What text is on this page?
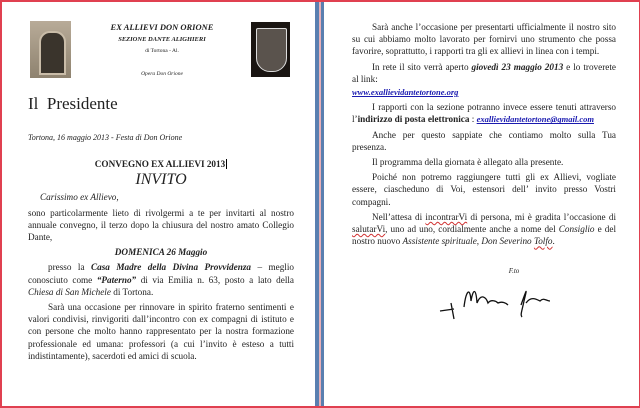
EX ALLIEVI DON ORIONE
SEZIONE DANTE ALIGHIERI
di Tortona - Al.
Opera Don Orione
Il  Presidente
Tortona, 16 maggio 2013 - Festa di Don Orione
CONVEGNO EX ALLIEVI 2013
INVITO
Carissimo ex Allievo,
sono particolarmente lieto di rivolgermi a te per invitarti al nostro annuale convegno, il terzo dopo la chiusura del nostro amato Collegio Dante,
DOMENICA 26 Maggio
presso la Casa Madre della Divina Provvidenza – meglio conosciuto come “Paterno” di via Emilia n. 63, posto a lato della Chiesa di San Michele di Tortona.
Sarà una occasione per rinnovare in spirito fraterno sentimenti e valori condivisi, rinvigoriti dall’incontro con ex compagni di istituto e con persone che molto hanno rappresentato per la nostra formazione professionale ed umana: professori (a cui l’invito è esteso a tutti indistintamente), sacerdoti ed amici di scuola.
Sarà anche l’occasione per presentarti ufficialmente il nostro sito su cui abbiamo molto lavorato per fornirvi uno strumento che possa favorire, soprattutto, i rapporti tra gli ex allievi in linea con i tempi.
In rete il sito verrà aperto giovedì 23 maggio 2013 e lo troverete al link:
www.exallievidantetortone.org
I rapporti con la sezione potranno invece essere tenuti attraverso l’indirizzo di posta elettronica : exallievidantetortone@gmail.com
Anche per questo sappiate che contiamo molto sulla Tua presenza.
Il programma della giornata è allegato alla presente.
Poiché non potremo raggiungere tutti gli ex Allievi, vogliate essere, ciascheduno di Voi, estensori dell’ invito presso Vostri compagni.
Nell’attesa di incontrarVi di persona, mi è gradita l’occasione di salutarVi, uno ad uno, cordialmente anche a nome del Consiglio e del nostro nuovo Assistente spirituale, Don Severino Tolfo.
F.to
